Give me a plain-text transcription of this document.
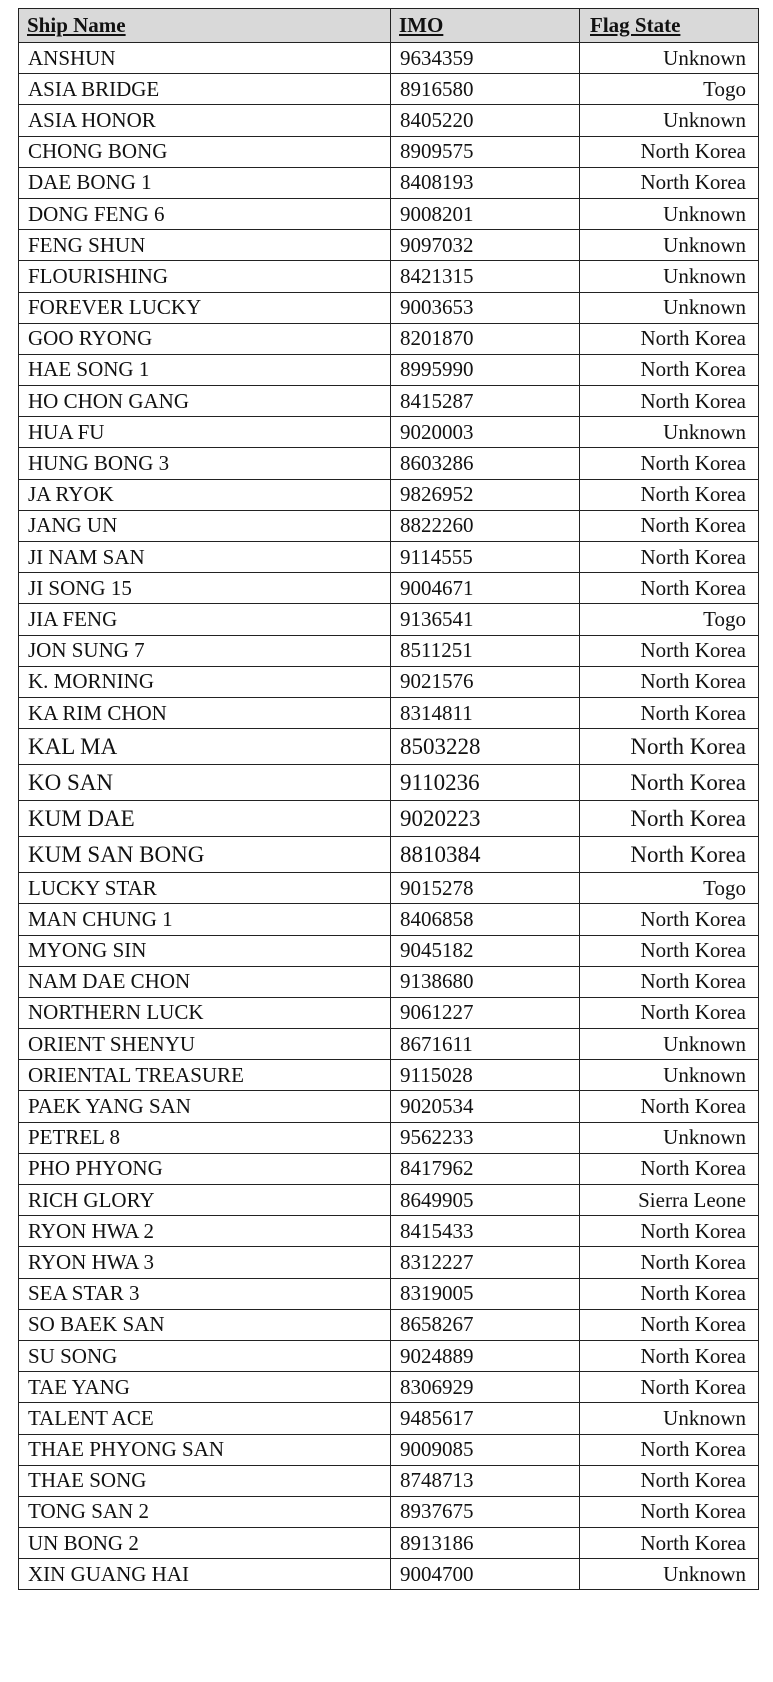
Ship Name	IMO	Flag State
ANSHUN	9634359	Unknown
ASIA BRIDGE	8916580	Togo
ASIA HONOR	8405220	Unknown
CHONG BONG	8909575	North Korea
DAE BONG 1	8408193	North Korea
DONG FENG 6	9008201	Unknown
FENG SHUN	9097032	Unknown
FLOURISHING	8421315	Unknown
FOREVER LUCKY	9003653	Unknown
GOO RYONG	8201870	North Korea
HAE SONG 1	8995990	North Korea
HO CHON GANG	8415287	North Korea
HUA FU	9020003	Unknown
HUNG BONG 3	8603286	North Korea
JA RYOK	9826952	North Korea
JANG UN	8822260	North Korea
JI NAM SAN	9114555	North Korea
JI SONG 15	9004671	North Korea
JIA FENG	9136541	Togo
JON SUNG 7	8511251	North Korea
K. MORNING	9021576	North Korea
KA RIM CHON	8314811	North Korea
KAL MA	8503228	North Korea
KO SAN	9110236	North Korea
KUM DAE	9020223	North Korea
KUM SAN BONG	8810384	North Korea
LUCKY STAR	9015278	Togo
MAN CHUNG 1	8406858	North Korea
MYONG SIN	9045182	North Korea
NAM DAE CHON	9138680	North Korea
NORTHERN LUCK	9061227	North Korea
ORIENT SHENYU	8671611	Unknown
ORIENTAL TREASURE	9115028	Unknown
PAEK YANG SAN	9020534	North Korea
PETREL 8	9562233	Unknown
PHO PHYONG	8417962	North Korea
RICH GLORY	8649905	Sierra Leone
RYON HWA 2	8415433	North Korea
RYON HWA 3	8312227	North Korea
SEA STAR 3	8319005	North Korea
SO BAEK SAN	8658267	North Korea
SU SONG	9024889	North Korea
TAE YANG	8306929	North Korea
TALENT ACE	9485617	Unknown
THAE PHYONG SAN	9009085	North Korea
THAE SONG	8748713	North Korea
TONG SAN 2	8937675	North Korea
UN BONG 2	8913186	North Korea
XIN GUANG HAI	9004700	Unknown
